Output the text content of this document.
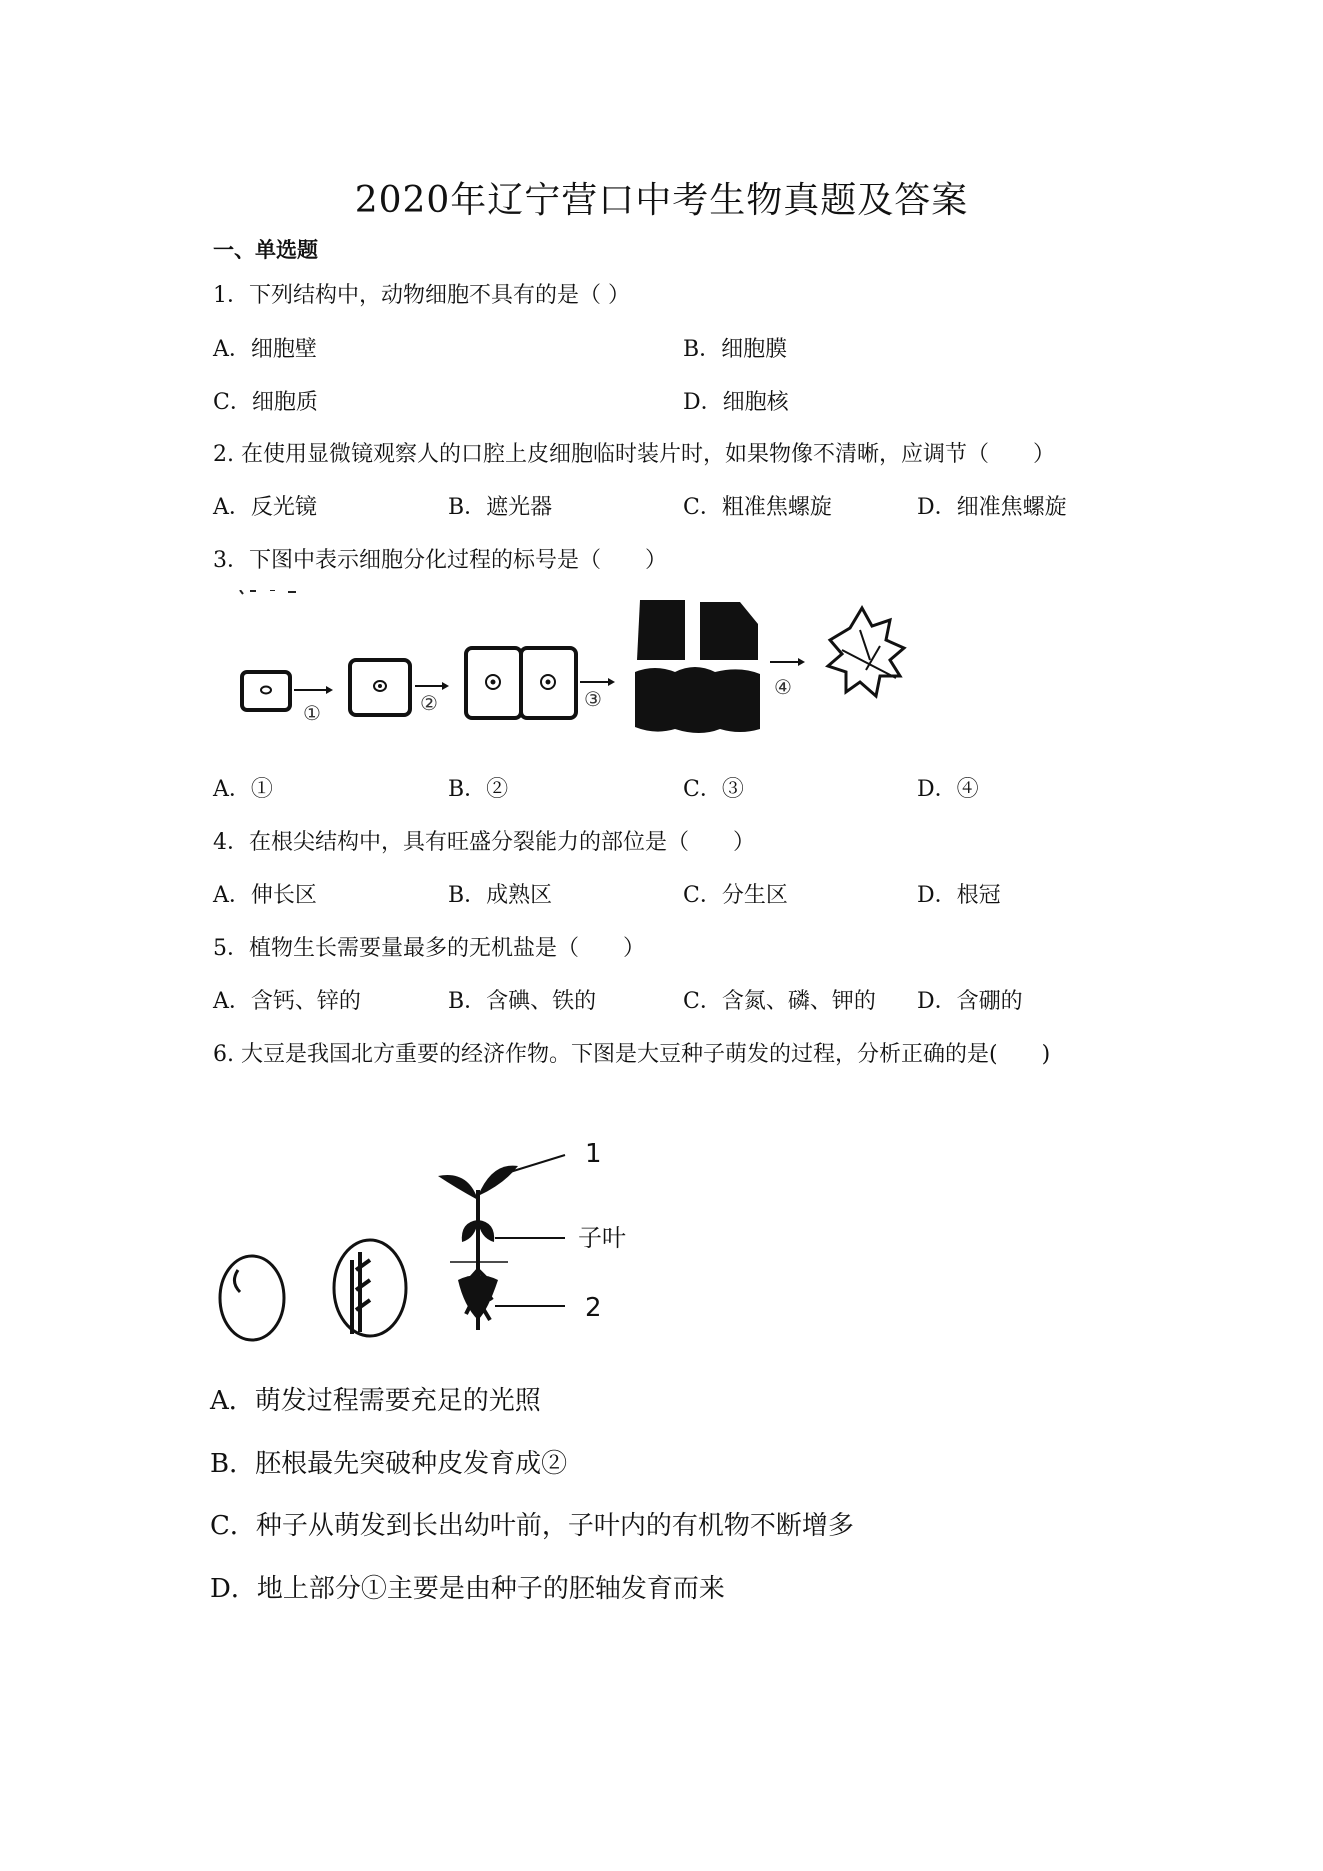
2020年辽宁营口中考生物真题及答案
一、单选题
1．下列结构中，动物细胞不具有的是（ ）
A．细胞壁	B．细胞膜
C．细胞质	D．细胞核
2. 在使用显微镜观察人的口腔上皮细胞临时装片时，如果物像不清晰，应调节（　　）
A．反光镜	B．遮光器	C．粗准焦螺旋	D．细准焦螺旋
3．下图中表示细胞分化过程的标号是（　　）
①	②	③	④
A．①	B．②	C．③	D．④
4．在根尖结构中，具有旺盛分裂能力的部位是（　　）
A．伸长区	B．成熟区	C．分生区	D．根冠
5．植物生长需要量最多的无机盐是（　　）
A．含钙、锌的	B．含碘、铁的	C．含氮、磷、钾的 D．含硼的
6. 大豆是我国北方重要的经济作物。下图是大豆种子萌发的过程，分析正确的是(　　)
1
子叶
2
A．萌发过程需要充足的光照
B．胚根最先突破种皮发育成②
C．种子从萌发到长出幼叶前，子叶内的有机物不断增多
D．地上部分①主要是由种子的胚轴发育而来
